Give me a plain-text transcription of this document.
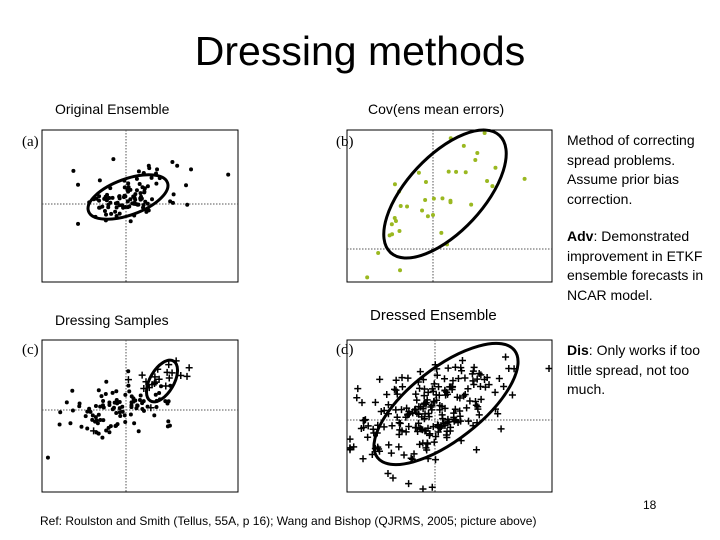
Dressing methods
Original Ensemble	Cov(ens mean errors)
Dressing Samples	Dressed Ensemble
(a)	(b)
(c)	(d)
Method of correcting spread problems. Assume prior bias correction.
Adv: Demonstrated improvement in ETKF ensemble forecasts in NCAR model.
Dis: Only works if too little spread, not too much.
18
Ref: Roulston and Smith (Tellus, 55A, p 16); Wang and Bishop (QJRMS, 2005; picture above)
